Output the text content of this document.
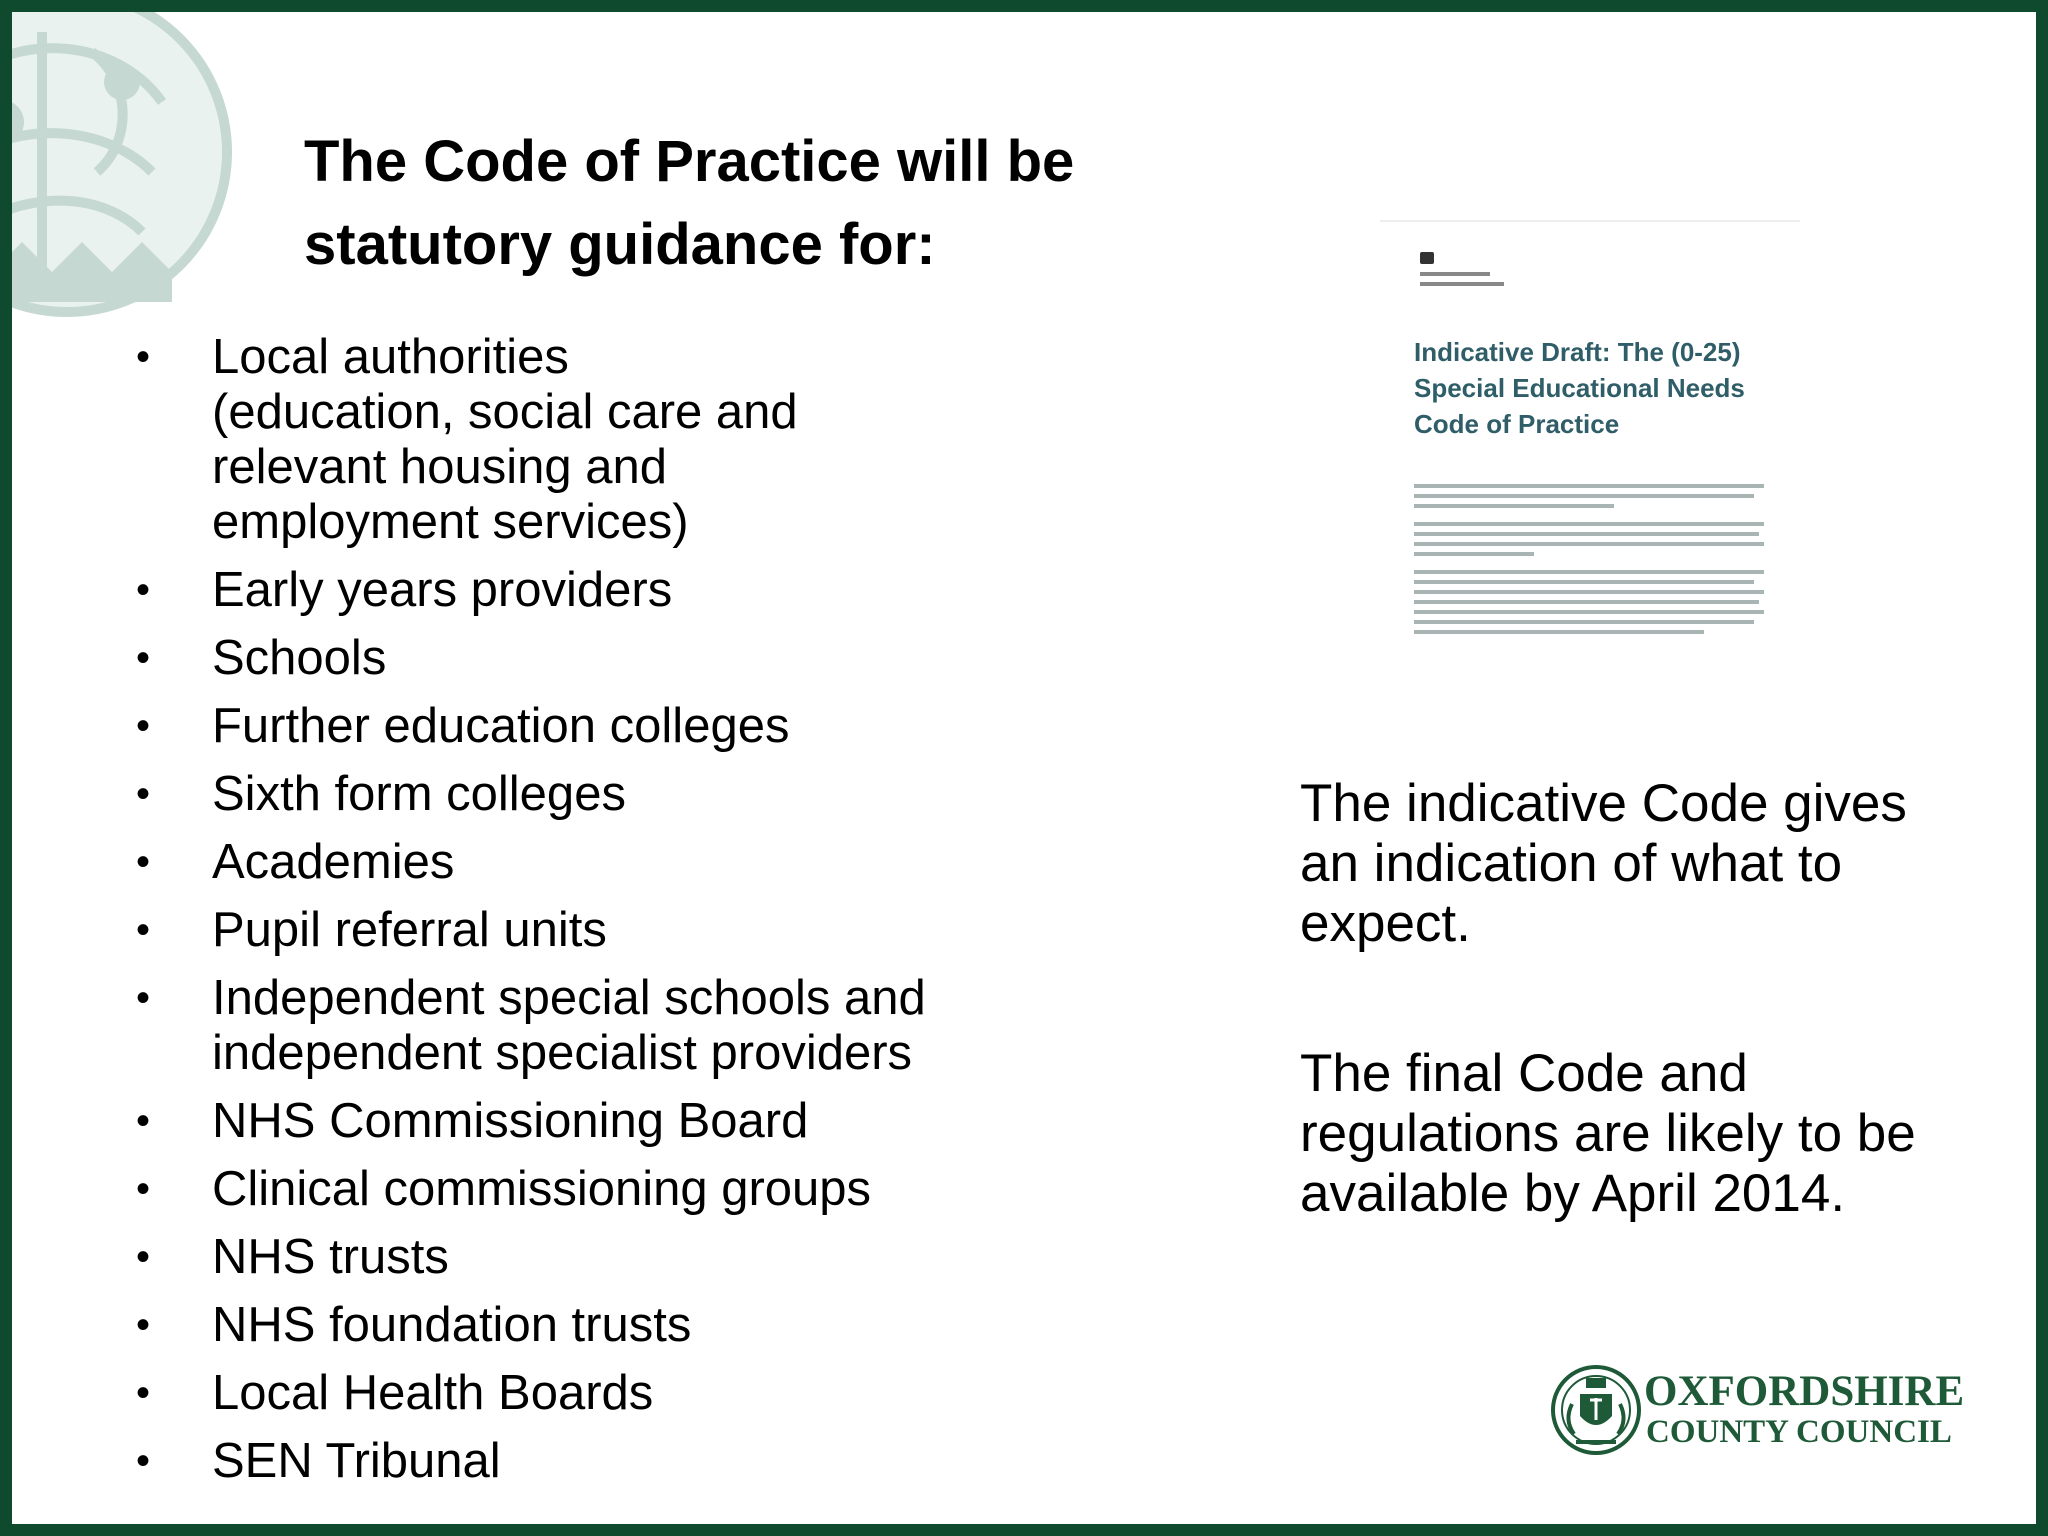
The Code of Practice will be statutory guidance for:
• Local authorities (education, social care and relevant housing and employment services)
• Early years providers
• Schools
• Further education colleges
• Sixth form colleges
• Academies
• Pupil referral units
• Independent special schools and independent specialist providers
• NHS Commissioning Board
• Clinical commissioning groups
• NHS trusts
• NHS foundation trusts
• Local Health Boards
• SEN Tribunal
Indicative Draft: The (0-25) Special Educational Needs Code of Practice

The indicative Code gives an indication of what to expect.

The final Code and regulations are likely to be available by April 2014.

OXFORDSHIRE
COUNTY COUNCIL
